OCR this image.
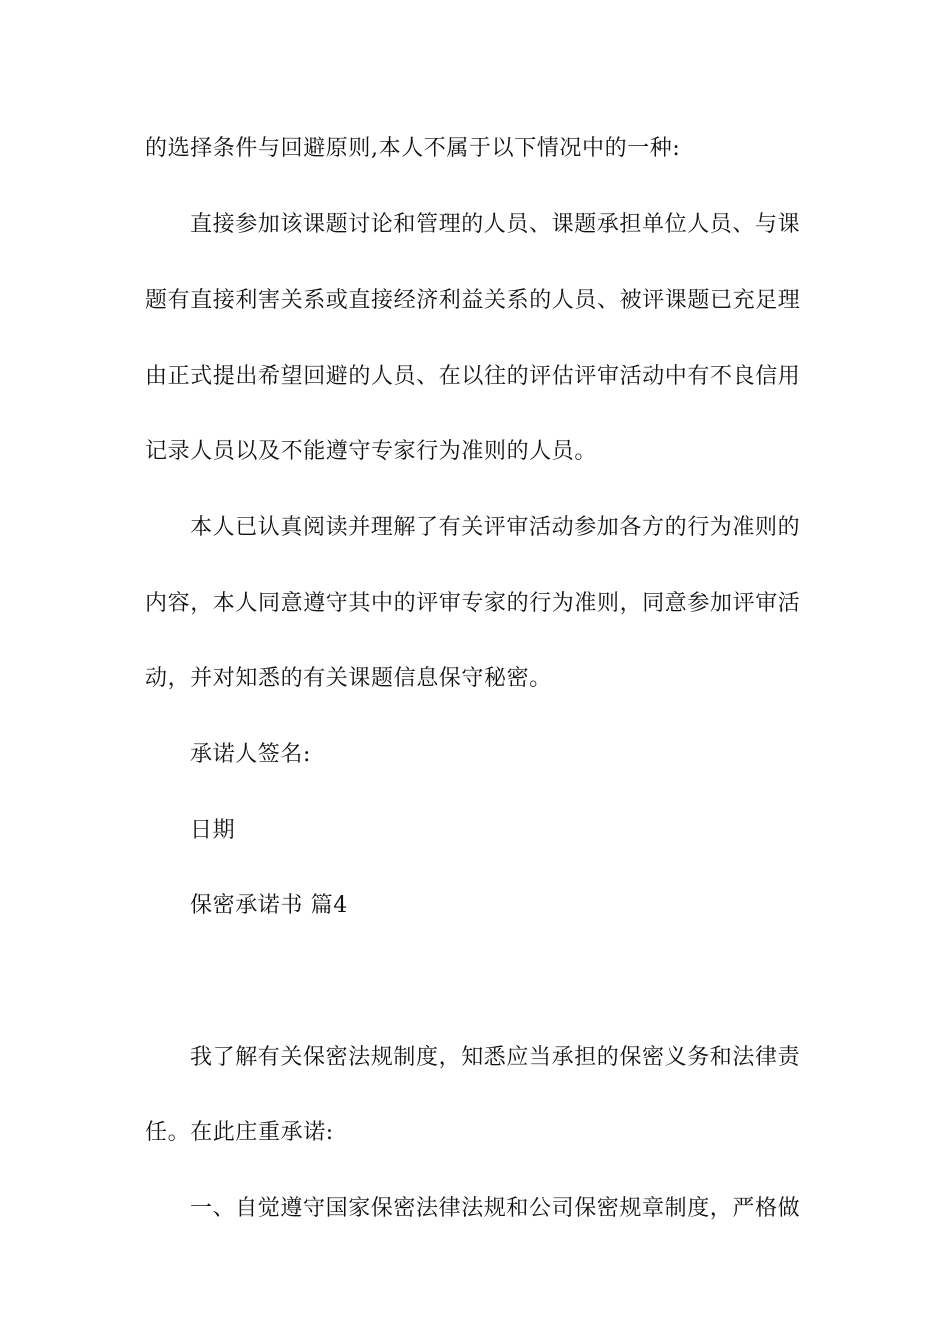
的选择条件与回避原则,本人不属于以下情况中的一种:
直接参加该课题讨论和管理的人员、课题承担单位人员、与课
题有直接利害关系或直接经济利益关系的人员、被评课题已充足理
由正式提出希望回避的人员、在以往的评估评审活动中有不良信用
记录人员以及不能遵守专家行为准则的人员。
本人已认真阅读并理解了有关评审活动参加各方的行为准则的
内容，本人同意遵守其中的评审专家的行为准则，同意参加评审活
动，并对知悉的有关课题信息保守秘密。
承诺人签名:
日期
保密承诺书 篇4
我了解有关保密法规制度，知悉应当承担的保密义务和法律责
任。在此庄重承诺:
一、自觉遵守国家保密法律法规和公司保密规章制度，严格做
